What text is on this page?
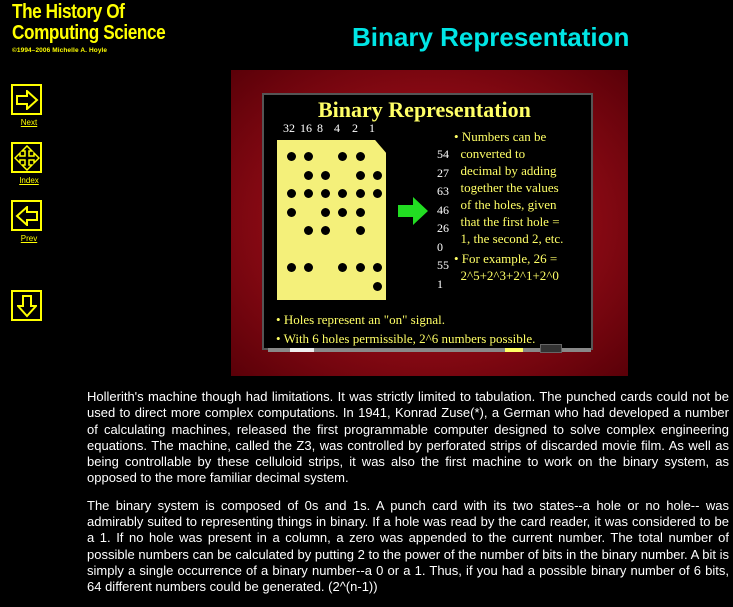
The History Of
Computing Science
©1994–2006 Michelle A. Hoyle	Binary Representation
Next
Index
Prev
Binary Representation
32 16 8 4 2 1
54
27
63
46
26
0
55
1
• Numbers can be
converted to
decimal by adding
together the values
of the holes, given
that the first hole =
1, the second 2, etc.
• For example, 26 =
2^5+2^3+2^1+2^0
• Holes represent an "on" signal.
• With 6 holes permissible, 2^6 numbers possible.

Hollerith's machine though had limitations. It was strictly limited to tabulation. The punched cards could not be used to direct more complex computations. In 1941, Konrad Zuse(*), a German who had developed a number of calculating machines, released the first programmable computer designed to solve complex engineering equations. The machine, called the Z3, was controlled by perforated strips of discarded movie film. As well as being controllable by these celluloid strips, it was also the first machine to work on the binary system, as opposed to the more familiar decimal system.

The binary system is composed of 0s and 1s. A punch card with its two states--a hole or no hole-- was admirably suited to representing things in binary. If a hole was read by the card reader, it was considered to be a 1. If no hole was present in a column, a zero was appended to the current number. The total number of possible numbers can be calculated by putting 2 to the power of the number of bits in the binary number. A bit is simply a single occurrence of a binary number--a 0 or a 1. Thus, if you had a possible binary number of 6 bits, 64 different numbers could be generated. (2^(n-1))
